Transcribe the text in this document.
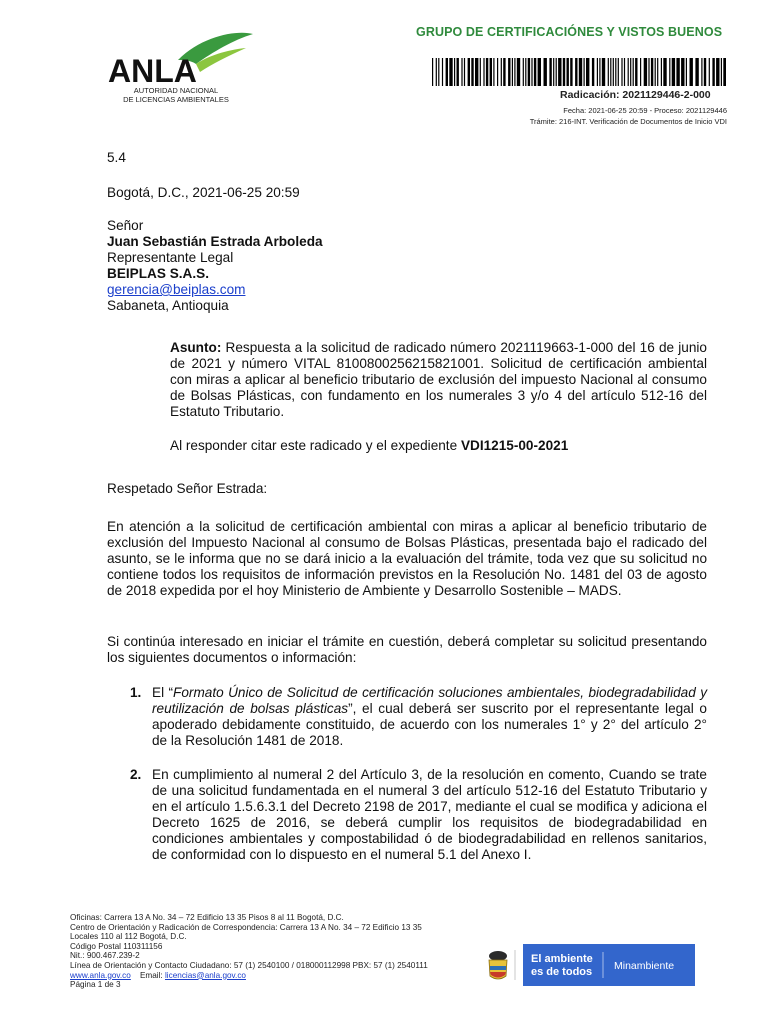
GRUPO DE CERTIFICACIÓNES Y VISTOS BUENOS
ANLA
AUTORIDAD NACIONAL
DE LICENCIAS AMBIENTALES	Radicación: 2021129446-2-000
Fecha: 2021-06-25 20:59 - Proceso: 2021129446
Trámite: 216-INT. Verificación de Documentos de Inicio VDI
5.4
Bogotá, D.C., 2021-06-25 20:59
Señor
Juan Sebastián Estrada Arboleda
Representante Legal
BEIPLAS S.A.S.
gerencia@beiplas.com
Sabaneta, Antioquia
Asunto: Respuesta a la solicitud de radicado número 2021119663-1-000 del 16 de junio de 2021 y número VITAL 8100800256215821001. Solicitud de certificación ambiental con miras a aplicar al beneficio tributario de exclusión del impuesto Nacional al consumo de Bolsas Plásticas, con fundamento en los numerales 3 y/o 4 del artículo 512-16 del Estatuto Tributario.
Al responder citar este radicado y el expediente VDI1215-00-2021
Respetado Señor Estrada:
En atención a la solicitud de certificación ambiental con miras a aplicar al beneficio tributario de exclusión del Impuesto Nacional al consumo de Bolsas Plásticas, presentada bajo el radicado del asunto, se le informa que no se dará inicio a la evaluación del trámite, toda vez que su solicitud no contiene todos los requisitos de información previstos en la Resolución No. 1481 del 03 de agosto de 2018 expedida por el hoy Ministerio de Ambiente y Desarrollo Sostenible – MADS.
Si continúa interesado en iniciar el trámite en cuestión, deberá completar su solicitud presentando los siguientes documentos o información:
1. El “Formato Único de Solicitud de certificación soluciones ambientales, biodegradabilidad y reutilización de bolsas plásticas”, el cual deberá ser suscrito por el representante legal o apoderado debidamente constituido, de acuerdo con los numerales 1° y 2° del artículo 2° de la Resolución 1481 de 2018.
2. En cumplimiento al numeral 2 del Artículo 3, de la resolución en comento, Cuando se trate de una solicitud fundamentada en el numeral 3 del artículo 512-16 del Estatuto Tributario y en el artículo 1.5.6.3.1 del Decreto 2198 de 2017, mediante el cual se modifica y adiciona el Decreto 1625 de 2016, se deberá cumplir los requisitos de biodegradabilidad en condiciones ambientales y compostabilidad ó de biodegradabilidad en rellenos sanitarios, de conformidad con lo dispuesto en el numeral 5.1 del Anexo I.
Oficinas: Carrera 13 A No. 34 – 72 Edificio 13 35 Pisos 8 al 11 Bogotá, D.C.
Centro de Orientación y Radicación de Correspondencia: Carrera 13 A No. 34 – 72 Edificio 13 35
Locales 110 al 112 Bogotá, D.C.
Código Postal 110311156
Nit.: 900.467.239-2
Línea de Orientación y Contacto Ciudadano: 57 (1) 2540100 / 018000112998 PBX: 57 (1) 2540111
www.anla.gov.co Email: licencias@anla.gov.co
Página 1 de 3
El ambiente
es de todos Minambiente
